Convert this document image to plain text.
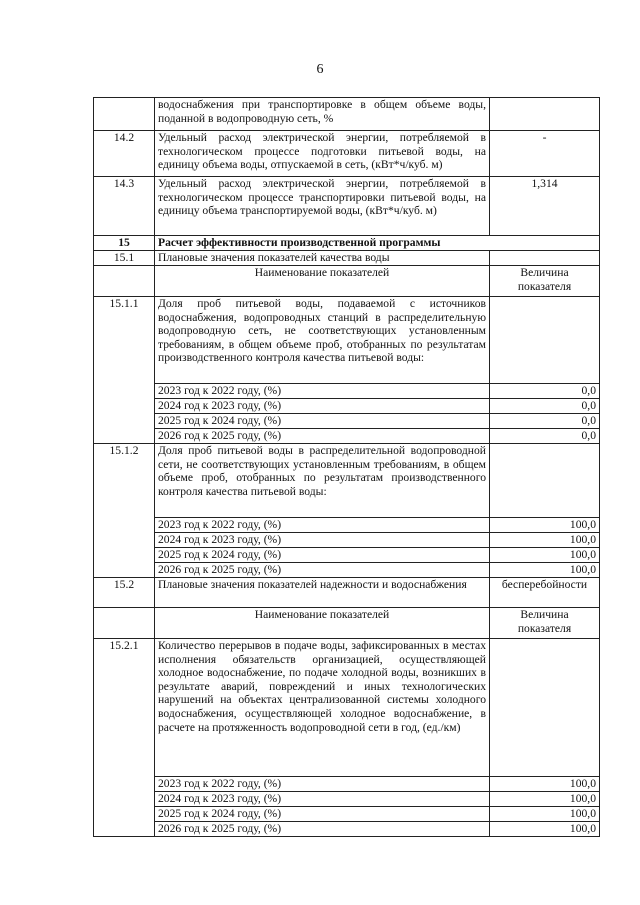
6
	водоснабжения при транспортировке в общем объеме воды, поданной в водопроводную сеть, %	
14.2	Удельный расход электрической энергии, потребляемой в технологическом процессе подготовки питьевой воды, на единицу объема воды, отпускаемой в сеть, (кВт*ч/куб. м)	-
14.3	Удельный расход электрической энергии, потребляемой в технологическом процессе транспортировки питьевой воды, на единицу объема транспортируемой воды, (кВт*ч/куб. м)	1,314
15	Расчет эффективности производственной программы	
15.1	Плановые значения показателей качества воды	
	Наименование показателей	Величина показателя
15.1.1	Доля проб питьевой воды, подаваемой с источников водоснабжения, водопроводных станций в распределительную водопроводную сеть, не соответствующих установленным требованиям, в общем объеме проб, отобранных по результатам производственного контроля качества питьевой воды:	
	2023 год к 2022 году, (%)	0,0
	2024 год к 2023 году, (%)	0,0
	2025 год к 2024 году, (%)	0,0
	2026 год к 2025 году, (%)	0,0
15.1.2	Доля проб питьевой воды в распределительной водопроводной сети, не соответствующих установленным требованиям, в общем объеме проб, отобранных по результатам производственного контроля качества питьевой воды:	
	2023 год к 2022 году, (%)	100,0
	2024 год к 2023 году, (%)	100,0
	2025 год к 2024 году, (%)	100,0
	2026 год к 2025 году, (%)	100,0
15.2	Плановые значения показателей надежности и водоснабжения	бесперебойности
	Наименование показателей	Величина показателя
15.2.1	Количество перерывов в подаче воды, зафиксированных в местах исполнения обязательств организацией, осуществляющей холодное водоснабжение, по подаче холодной воды, возникших в результате аварий, повреждений и иных технологических нарушений на объектах централизованной системы холодного водоснабжения, осуществляющей холодное водоснабжение, в расчете на протяженность водопроводной сети в год, (ед./км)	
	2023 год к 2022 году, (%)	100,0
	2024 год к 2023 году, (%)	100,0
	2025 год к 2024 году, (%)	100,0
	2026 год к 2025 году, (%)	100,0
